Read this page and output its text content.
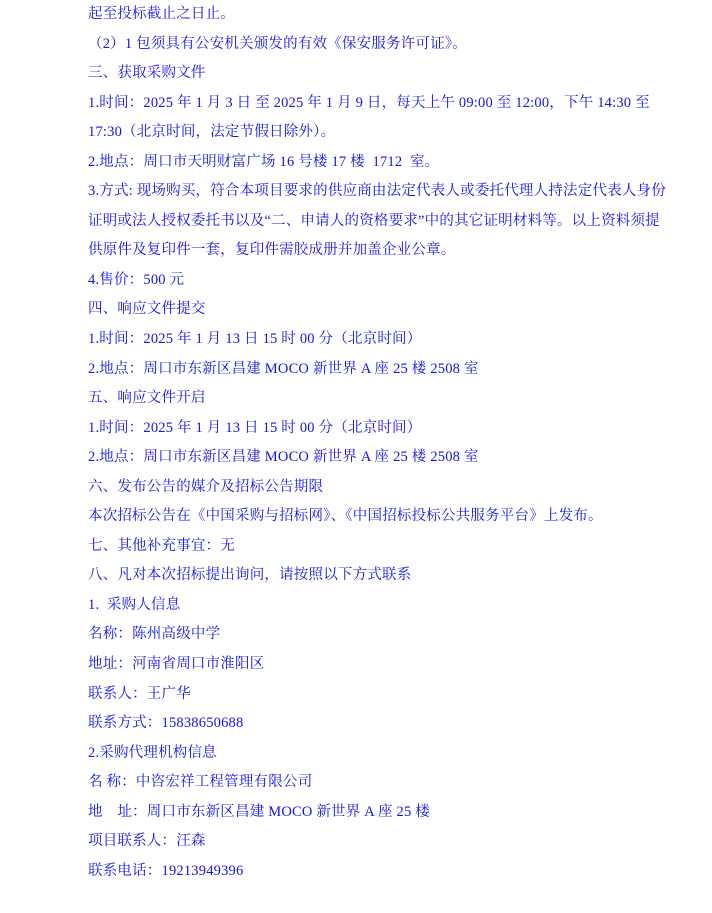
起至投标截止之日止。

（2）1 包须具有公安机关颁发的有效《保安服务许可证》。

三、获取采购文件

1.时间：2025 年 1 月 3 日 至 2025 年 1 月 9 日，每天上午 09:00 至 12:00，下午 14:30 至

17:30（北京时间，法定节假日除外）。

2.地点：周口市天明财富广场 16 号楼 17 楼  1712  室。

3.方式: 现场购买，符合本项目要求的供应商由法定代表人或委托代理人持法定代表人身份

证明或法人授权委托书以及“二、申请人的资格要求”中的其它证明材料等。以上资料须提

供原件及复印件一套，复印件需胶成册并加盖企业公章。

4.售价：500 元

四、响应文件提交

1.时间：2025 年 1 月 13 日 15 时 00 分（北京时间）

2.地点：周口市东新区昌建 MOCO 新世界 A 座 25 楼 2508 室

五、响应文件开启

1.时间：2025 年 1 月 13 日 15 时 00 分（北京时间）

2.地点：周口市东新区昌建 MOCO 新世界 A 座 25 楼 2508 室

六、发布公告的媒介及招标公告期限

本次招标公告在《中国采购与招标网》、《中国招标投标公共服务平台》上发布。

七、其他补充事宜：无

八、凡对本次招标提出询问，请按照以下方式联系

1.  采购人信息

名称：陈州高级中学

地址：河南省周口市淮阳区

联系人：王广华

联系方式：15838650688

2.采购代理机构信息

名 称：中咨宏祥工程管理有限公司

地　址：周口市东新区昌建 MOCO 新世界 A 座 25 楼

项目联系人：汪森

联系电话：19213949396
